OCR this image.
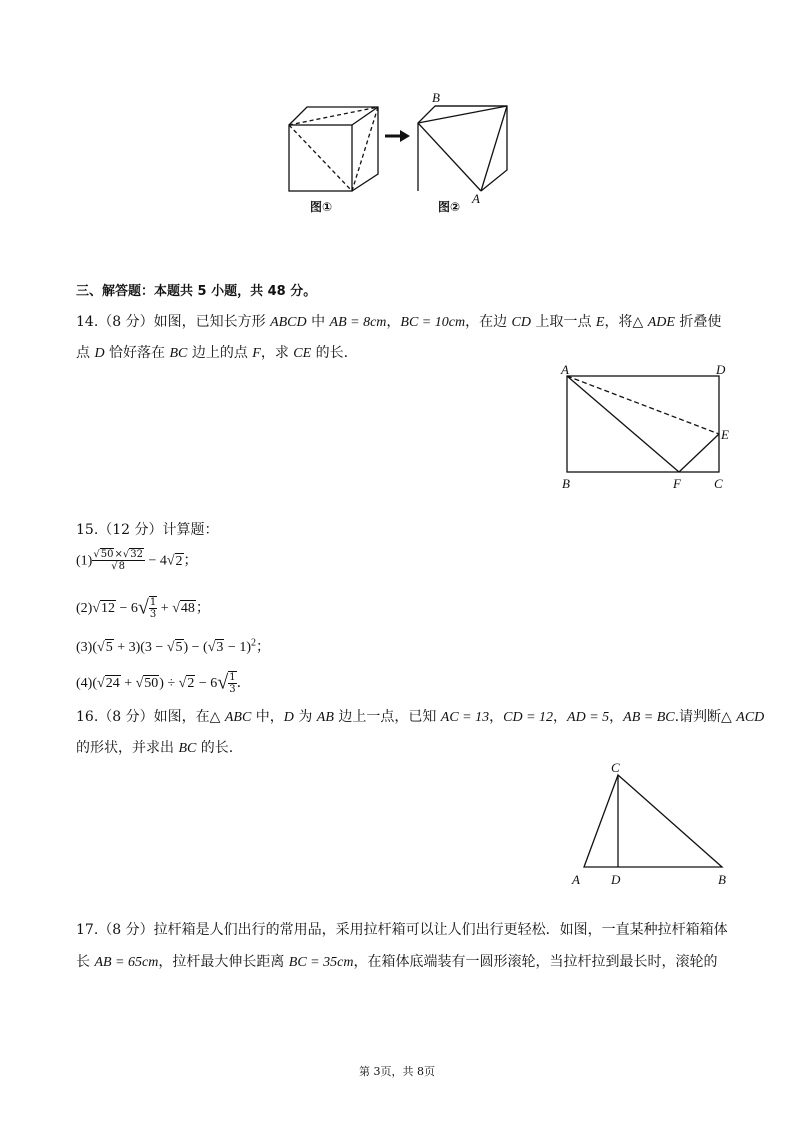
B
A
图①	图②
三、解答题：本题共 5 小题，共 48 分。
14.（8 分）如图，已知长方形 ABCD 中 AB = 8cm，BC = 10cm，在边 CD 上取一点 E，将△ ADE 折叠使
点 D 恰好落在 BC 边上的点 F，求 CE 的长.
A	D
E
B	F	C
15.（12 分）计算题：
$(1) \frac{√50\times√32}{√8} - 4√2$；
$(2)√12 - 6√ \frac{1}{3} + √48$；
$(3)(√5 + 3)(3 - √5) - (√3 - 1)^2$；
$(4)(√24 + √50) \div √2 - 6√ \frac{1}{3}$ .
16.（8 分）如图，在△ ABC 中，D 为 AB 边上一点，已知 AC = 13，CD = 12，AD = 5，AB = BC.请判断△ ACD
的形状，并求出 BC 的长.
C
A D	B
17.（8 分）拉杆箱是人们出行的常用品，采用拉杆箱可以让人们出行更轻松．如图，一直某种拉杆箱箱体
长 AB = 65cm，拉杆最大伸长距离 BC = 35cm，在箱体底端装有一圆形滚轮，当拉杆拉到最长时，滚轮的
第 3页，共 8页
